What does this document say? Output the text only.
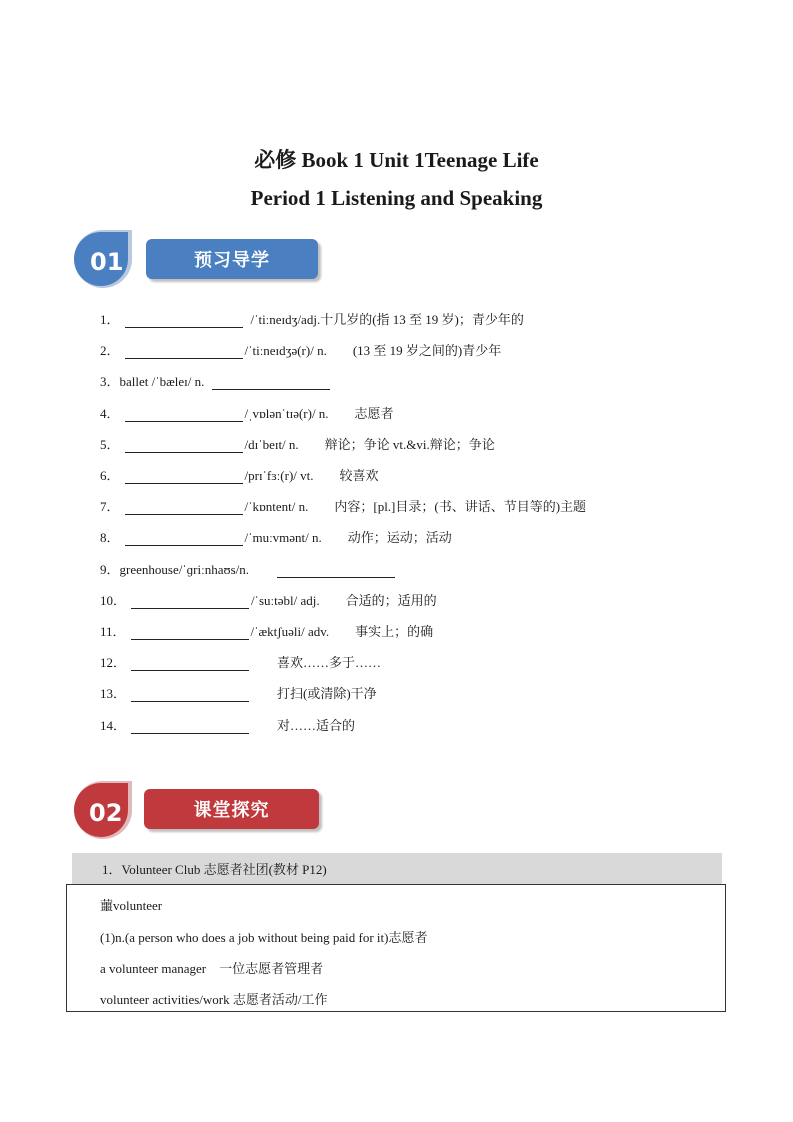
必修 Book 1 Unit 1Teenage Life
Period 1 Listening and Speaking
01	预习导学
1．	/ˈtiːneɪdʒ/adj.十几岁的(指 13 至 19 岁)；青少年的
2．	/ˈtiːneɪdʒə(r)/ n.　　(13 至 19 岁之间的)青少年
3． ballet /ˈbæleɪ/ n.
4．	/ˌvɒlənˈtɪə(r)/ n.　　志愿者
5．	/dɪˈbeɪt/ n.　　辩论；争论 vt.&vi.辩论；争论
6．	/prɪˈfɜː(r)/ vt.　　较喜欢
7．	/ˈkɒntent/ n.　　内容；[pl.]目录；(书、讲话、节目等的)主题
8．	/ˈmuːvmənt/ n.　　动作；运动；活动
9． greenhouse/ˈɡriːnhaʊs/n.
10．	/ˈsuːtəbl/ adj.　　合适的；适用的
11．	/ˈæktʃuəli/ adv.　　事实上；的确
12．	喜欢……多于……
13．	打扫(或清除)干净
14．	对……适合的
02	课堂探究
1．Volunteer Club 志愿者社团(教材 P12)
蘁volunteer
(1)n.(a person who does a job without being paid for it)志愿者
a volunteer manager　一位志愿者管理者
volunteer activities/work 志愿者活动/工作
